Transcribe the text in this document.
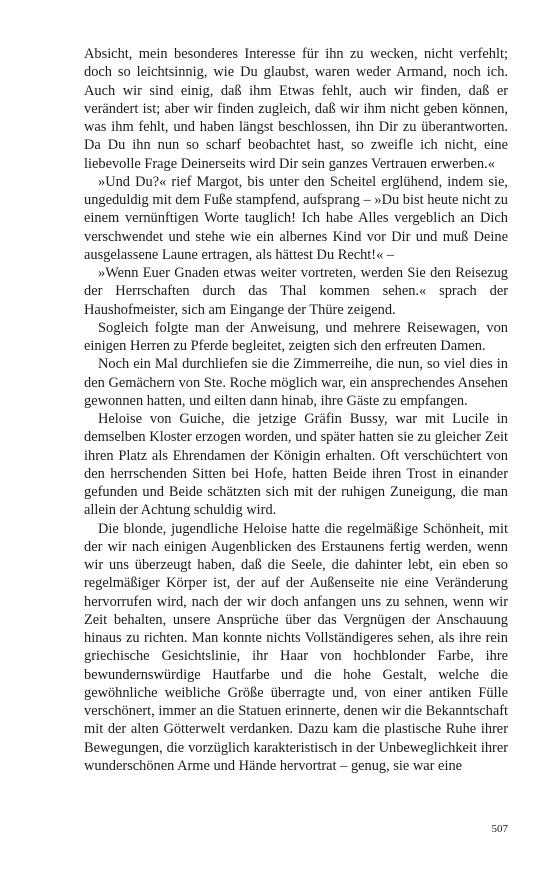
Absicht, mein besonderes Interesse für ihn zu wecken, nicht verfehlt; doch so leichtsinnig, wie Du glaubst, waren weder Armand, noch ich. Auch wir sind einig, daß ihm Etwas fehlt, auch wir finden, daß er verändert ist; aber wir finden zugleich, daß wir ihm nicht geben können, was ihm fehlt, und haben längst beschlossen, ihn Dir zu überantworten. Da Du ihn nun so scharf beobachtet hast, so zweifle ich nicht, eine liebevolle Frage Deinerseits wird Dir sein ganzes Vertrauen erwerben.«

»Und Du?« rief Margot, bis unter den Scheitel erglühend, indem sie, ungeduldig mit dem Fuße stampfend, aufsprang – »Du bist heute nicht zu einem vernünftigen Worte tauglich! Ich habe Alles vergeblich an Dich verschwendet und stehe wie ein albernes Kind vor Dir und muß Deine ausgelassene Laune ertragen, als hättest Du Recht!« –

»Wenn Euer Gnaden etwas weiter vortreten, werden Sie den Reisezug der Herrschaften durch das Thal kommen sehen.« sprach der Haushofmeister, sich am Eingange der Thüre zeigend.

Sogleich folgte man der Anweisung, und mehrere Reisewagen, von einigen Herren zu Pferde begleitet, zeigten sich den erfreuten Damen.

Noch ein Mal durchliefen sie die Zimmerreihe, die nun, so viel dies in den Gemächern von Ste. Roche möglich war, ein ansprechendes Ansehen gewonnen hatten, und eilten dann hinab, ihre Gäste zu empfangen.

Heloise von Guiche, die jetzige Gräfin Bussy, war mit Lucile in demselben Kloster erzogen worden, und später hatten sie zu gleicher Zeit ihren Platz als Ehrendamen der Königin erhalten. Oft verschüchtert von den herrschenden Sitten bei Hofe, hatten Beide ihren Trost in einander gefunden und Beide schätzten sich mit der ruhigen Zuneigung, die man allein der Achtung schuldig wird.

Die blonde, jugendliche Heloise hatte die regelmäßige Schönheit, mit der wir nach einigen Augenblicken des Erstaunens fertig werden, wenn wir uns überzeugt haben, daß die Seele, die dahinter lebt, ein eben so regelmäßiger Körper ist, der auf der Außenseite nie eine Veränderung hervorrufen wird, nach der wir doch anfangen uns zu sehnen, wenn wir Zeit behalten, unsere Ansprüche über das Vergnügen der Anschauung hinaus zu richten. Man konnte nichts Vollständigeres sehen, als ihre rein griechische Gesichtslinie, ihr Haar von hochblonder Farbe, ihre bewundernswürdige Hautfarbe und die hohe Gestalt, welche die gewöhnliche weibliche Größe überragte und, von einer antiken Fülle verschönert, immer an die Statuen erinnerte, denen wir die Bekanntschaft mit der alten Götterwelt verdanken. Dazu kam die plastische Ruhe ihrer Bewegungen, die vorzüglich karakteristisch in der Unbeweglichkeit ihrer wunderschönen Arme und Hände hervortrat – genug, sie war eine

507
